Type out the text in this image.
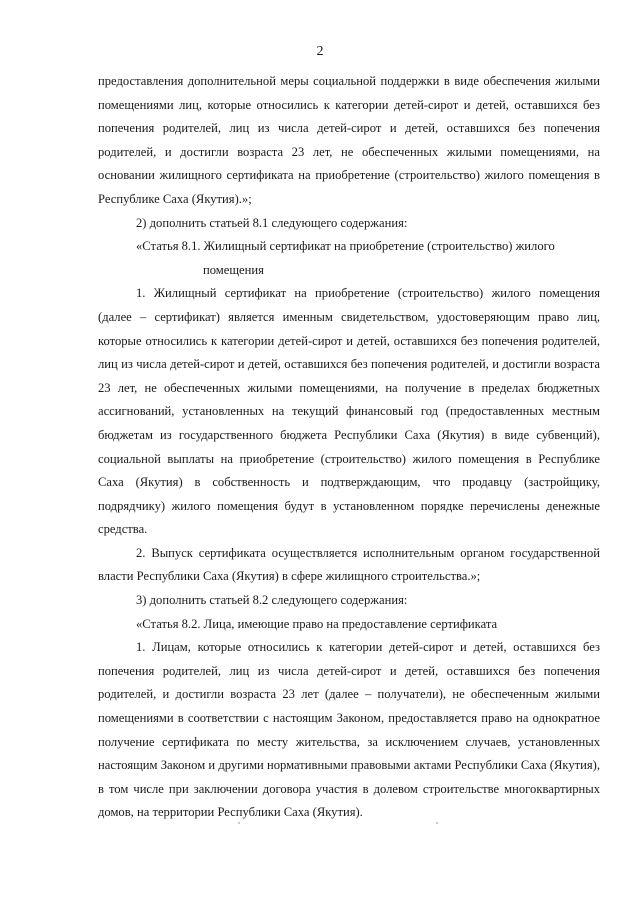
2

предоставления дополнительной меры социальной поддержки в виде обеспечения жилыми помещениями лиц, которые относились к категории детей-сирот и детей, оставшихся без попечения родителей, лиц из числа детей-сирот и детей, оставшихся без попечения родителей, и достигли возраста 23 лет, не обеспеченных жилыми помещениями, на основании жилищного сертификата на приобретение (строительство) жилого помещения в Республике Саха (Якутия).»;

2) дополнить статьей 8.1 следующего содержания:

«Статья 8.1. Жилищный сертификат на приобретение (строительство) жилого
помещения

1. Жилищный сертификат на приобретение (строительство) жилого помещения (далее – сертификат) является именным свидетельством, удостоверяющим право лиц, которые относились к категории детей-сирот и детей, оставшихся без попечения родителей, лиц из числа детей-сирот и детей, оставшихся без попечения родителей, и достигли возраста 23 лет, не обеспеченных жилыми помещениями, на получение в пределах бюджетных ассигнований, установленных на текущий финансовый год (предоставленных местным бюджетам из государственного бюджета Республики Саха (Якутия) в виде субвенций), социальной выплаты на приобретение (строительство) жилого помещения в Республике Саха (Якутия) в собственность и подтверждающим, что продавцу (застройщику, подрядчику) жилого помещения будут в установленном порядке перечислены денежные средства.

2. Выпуск сертификата осуществляется исполнительным органом государственной власти Республики Саха (Якутия) в сфере жилищного строительства.»;

3) дополнить статьей 8.2 следующего содержания:

«Статья 8.2. Лица, имеющие право на предоставление сертификата

1. Лицам, которые относились к категории детей-сирот и детей, оставшихся без попечения родителей, лиц из числа детей-сирот и детей, оставшихся без попечения родителей, и достигли возраста 23 лет (далее – получатели), не обеспеченным жилыми помещениями в соответствии с настоящим Законом, предоставляется право на однократное получение сертификата по месту жительства, за исключением случаев, установленных настоящим Законом и другими нормативными правовыми актами Республики Саха (Якутия), в том числе при заключении договора участия в долевом строительстве многоквартирных домов, на территории Республики Саха (Якутия).
